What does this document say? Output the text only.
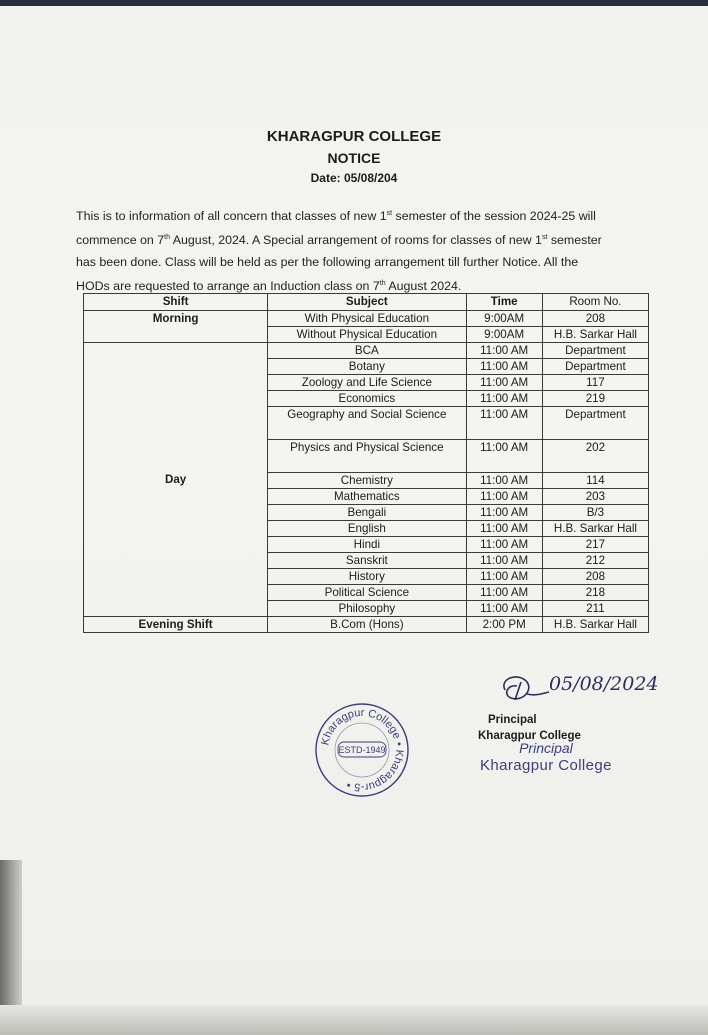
KHARAGPUR COLLEGE
NOTICE
Date: 05/08/204

This is to information of all concern that classes of new 1st semester of the session 2024-25 will

commence on 7th August, 2024. A Special arrangement of rooms for classes of new 1st semester

has been done. Class will be held as per the following arrangement till further Notice. All the

HODs are requested to arrange an Induction class on 7th August 2024.

Shift	Subject	Time	Room No.
Morning	With Physical Education	9:00AM	208
	Without Physical Education	9:00AM	H.B. Sarkar Hall
Day	BCA	11:00 AM	Department
	Botany	11:00 AM	Department
	Zoology and Life Science	11:00 AM	117
	Economics	11:00 AM	219
	Geography and Social Science	11:00 AM	Department
	Physics and Physical Science	11:00 AM	202
	Chemistry	11:00 AM	114
	Mathematics	11:00 AM	203
	Bengali	11:00 AM	B/3
	English	11:00 AM	H.B. Sarkar Hall
	Hindi	11:00 AM	217
	Sanskrit	11:00 AM	212
	History	11:00 AM	208
	Political Science	11:00 AM	218
	Philosophy	11:00 AM	211
Evening Shift	B.Com (Hons)	2:00 PM	H.B. Sarkar Hall
05/08/2024
Principal
Kharagpur College
Principal
Kharagpur College
Kharagpur College • Kharagpur-5 •
ESTD-1949
